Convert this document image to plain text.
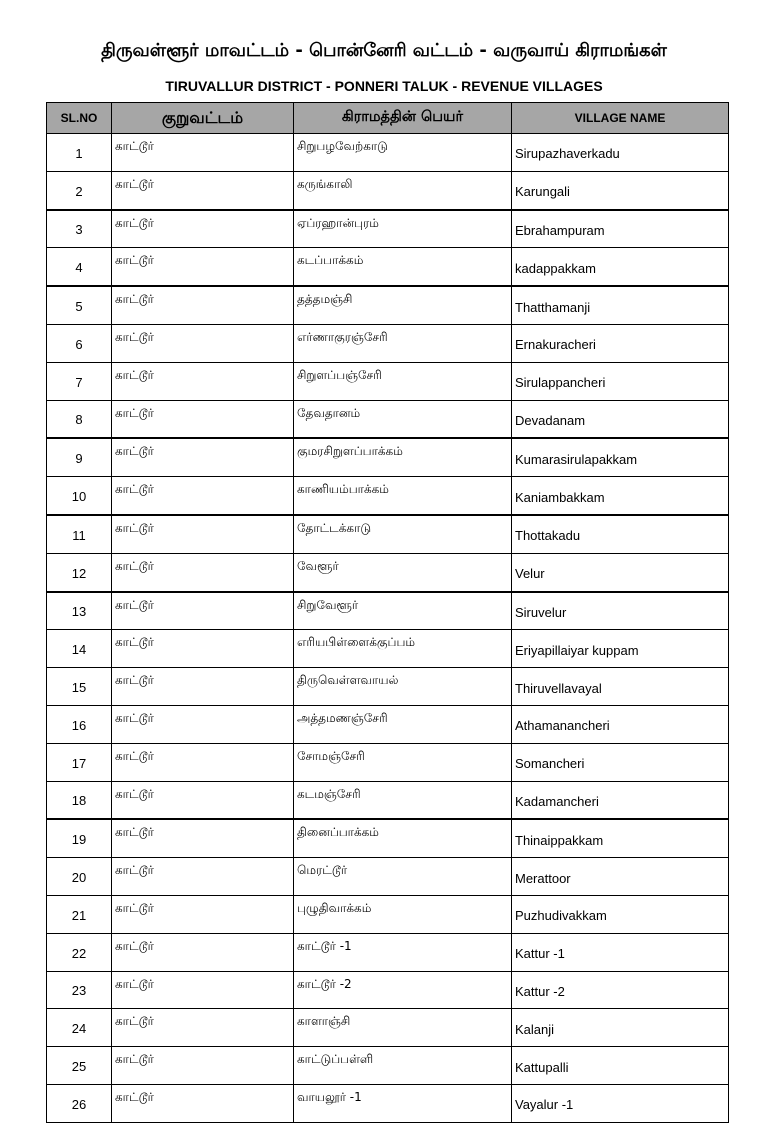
திருவள்ளூர் மாவட்டம் - பொன்னேரி வட்டம் - வருவாய் கிராமங்கள்
TIRUVALLUR DISTRICT - PONNERI TALUK - REVENUE VILLAGES
SL.NO	குறுவட்டம்	கிராமத்தின் பெயர்	VILLAGE NAME
1	காட்டூர்	சிறுபழவேற்காடு	Sirupazhaverkadu
2	காட்டூர்	கருங்காலி	Karungali
3	காட்டூர்	ஏப்ரஹான்புரம்	Ebrahampuram
4	காட்டூர்	கடப்பாக்கம்	kadappakkam
5	காட்டூர்	தத்தமஞ்சி	Thatthamanji
6	காட்டூர்	எர்ணாகுரஞ்சேரி	Ernakuracheri
7	காட்டூர்	சிறுளப்பஞ்சேரி	Sirulappancheri
8	காட்டூர்	தேவதானம்	Devadanam
9	காட்டூர்	குமரசிறுளப்பாக்கம்	Kumarasirulapakkam
10	காட்டூர்	காணியம்பாக்கம்	Kaniambakkam
11	காட்டூர்	தோட்டக்காடு	Thottakadu
12	காட்டூர்	வேளூர்	Velur
13	காட்டூர்	சிறுவேளூர்	Siruvelur
14	காட்டூர்	எரியபிள்ளைக்குப்பம்	Eriyapillaiyar kuppam
15	காட்டூர்	திருவெள்ளவாயல்	Thiruvellavayal
16	காட்டூர்	அத்தமணஞ்சேரி	Athamanancheri
17	காட்டூர்	சோமஞ்சேரி	Somancheri
18	காட்டூர்	கடமஞ்சேரி	Kadamancheri
19	காட்டூர்	தினைப்பாக்கம்	Thinaippakkam
20	காட்டூர்	மெரட்டூர்	Merattoor
21	காட்டூர்	புழுதிவாக்கம்	Puzhudivakkam
22	காட்டூர்	காட்டூர் -1	Kattur -1
23	காட்டூர்	காட்டூர் -2	Kattur -2
24	காட்டூர்	காளாஞ்சி	Kalanji
25	காட்டூர்	காட்டுப்பள்ளி	Kattupalli
26	காட்டூர்	வாயலூர் -1	Vayalur -1
